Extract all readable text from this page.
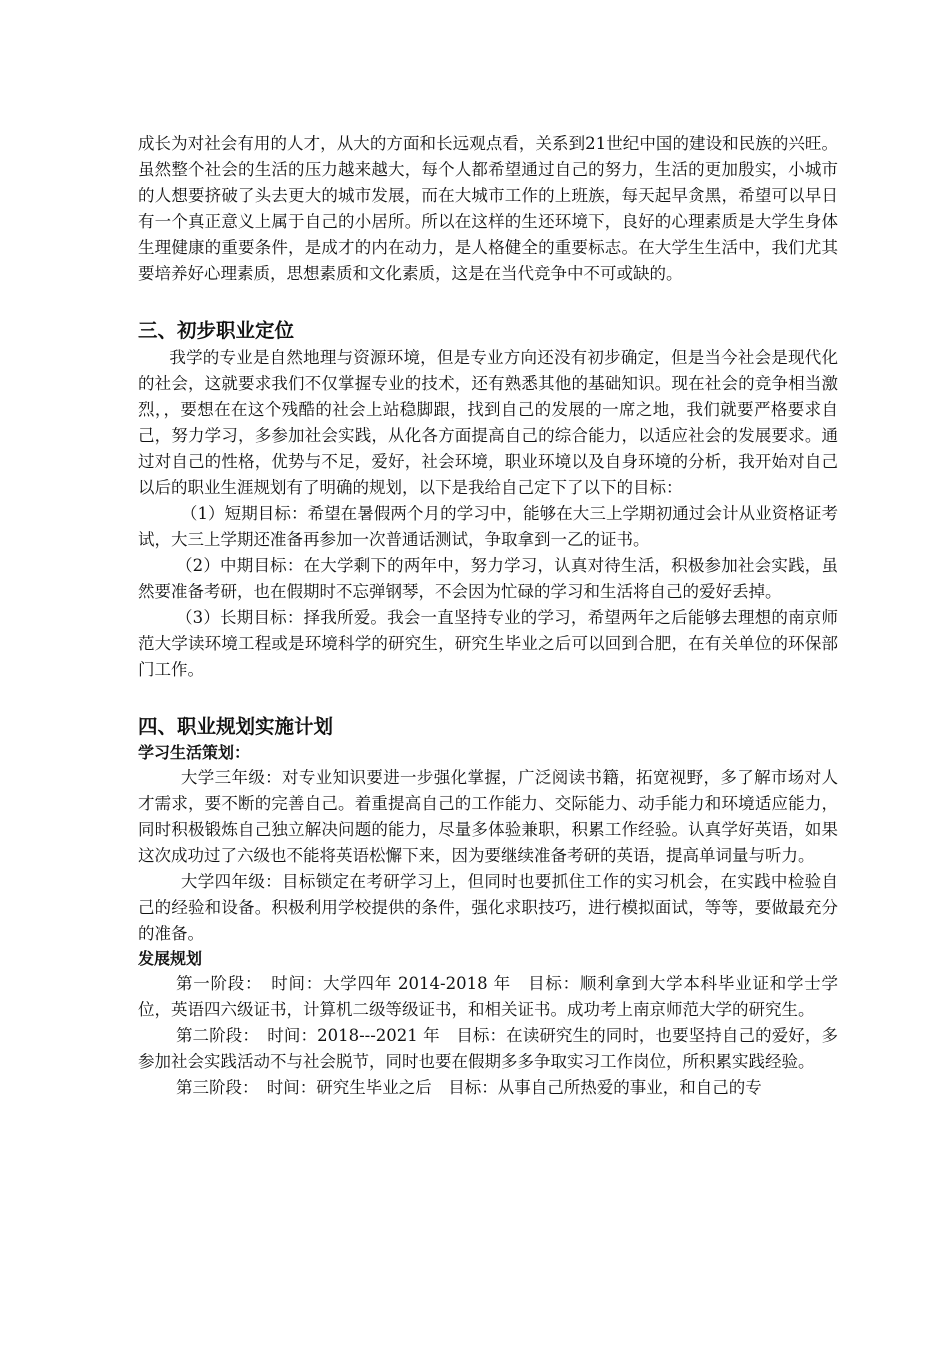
成长为对社会有用的人才，从大的方面和长远观点看，关系到21世纪中国的建设和民族的兴旺。虽然整个社会的生活的压力越来越大，每个人都希望通过自己的努力，生活的更加殷实，小城市的人想要挤破了头去更大的城市发展，而在大城市工作的上班族，每天起早贪黑，希望可以早日有一个真正意义上属于自己的小居所。所以在这样的生还环境下，良好的心理素质是大学生身体生理健康的重要条件，是成才的内在动力，是人格健全的重要标志。在大学生生活中，我们尤其要培养好心理素质，思想素质和文化素质，这是在当代竞争中不可或缺的。

三、初步职业定位

我学的专业是自然地理与资源环境，但是专业方向还没有初步确定，但是当今社会是现代化的社会，这就要求我们不仅掌握专业的技术，还有熟悉其他的基础知识。现在社会的竞争相当激烈，，要想在在这个残酷的社会上站稳脚跟，找到自己的发展的一席之地，我们就要严格要求自己，努力学习，多参加社会实践，从化各方面提高自己的综合能力，以适应社会的发展要求。通过对自己的性格，优势与不足，爱好，社会环境，职业环境以及自身环境的分析，我开始对自己以后的职业生涯规划有了明确的规划，以下是我给自己定下了以下的目标：

（1）短期目标：希望在暑假两个月的学习中，能够在大三上学期初通过会计从业资格证考试，大三上学期还准备再参加一次普通话测试，争取拿到一乙的证书。

（2）中期目标：在大学剩下的两年中，努力学习，认真对待生活，积极参加社会实践，虽然要准备考研，也在假期时不忘弹钢琴，不会因为忙碌的学习和生活将自己的爱好丢掉。

（3）长期目标：择我所爱。我会一直坚持专业的学习，希望两年之后能够去理想的南京师范大学读环境工程或是环境科学的研究生，研究生毕业之后可以回到合肥，在有关单位的环保部门工作。

四、职业规划实施计划

学习生活策划：

大学三年级：对专业知识要进一步强化掌握，广泛阅读书籍，拓宽视野，多了解市场对人才需求，要不断的完善自己。着重提高自己的工作能力、交际能力、动手能力和环境适应能力，同时积极锻炼自己独立解决问题的能力，尽量多体验兼职，积累工作经验。认真学好英语，如果这次成功过了六级也不能将英语松懈下来，因为要继续准备考研的英语，提高单词量与听力。

大学四年级：目标锁定在考研学习上，但同时也要抓住工作的实习机会，在实践中检验自己的经验和设备。积极利用学校提供的条件，强化求职技巧，进行模拟面试，等等，要做最充分的准备。

发展规划

第一阶段：　时间：大学四年 2014-2018 年　目标：顺利拿到大学本科毕业证和学士学位，英语四六级证书，计算机二级等级证书，和相关证书。成功考上南京师范大学的研究生。

第二阶段：　时间：2018---2021 年　目标：在读研究生的同时，也要坚持自己的爱好，多参加社会实践活动不与社会脱节，同时也要在假期多多争取实习工作岗位，所积累实践经验。

第三阶段：　时间：研究生毕业之后　目标：从事自己所热爱的事业，和自己的专
